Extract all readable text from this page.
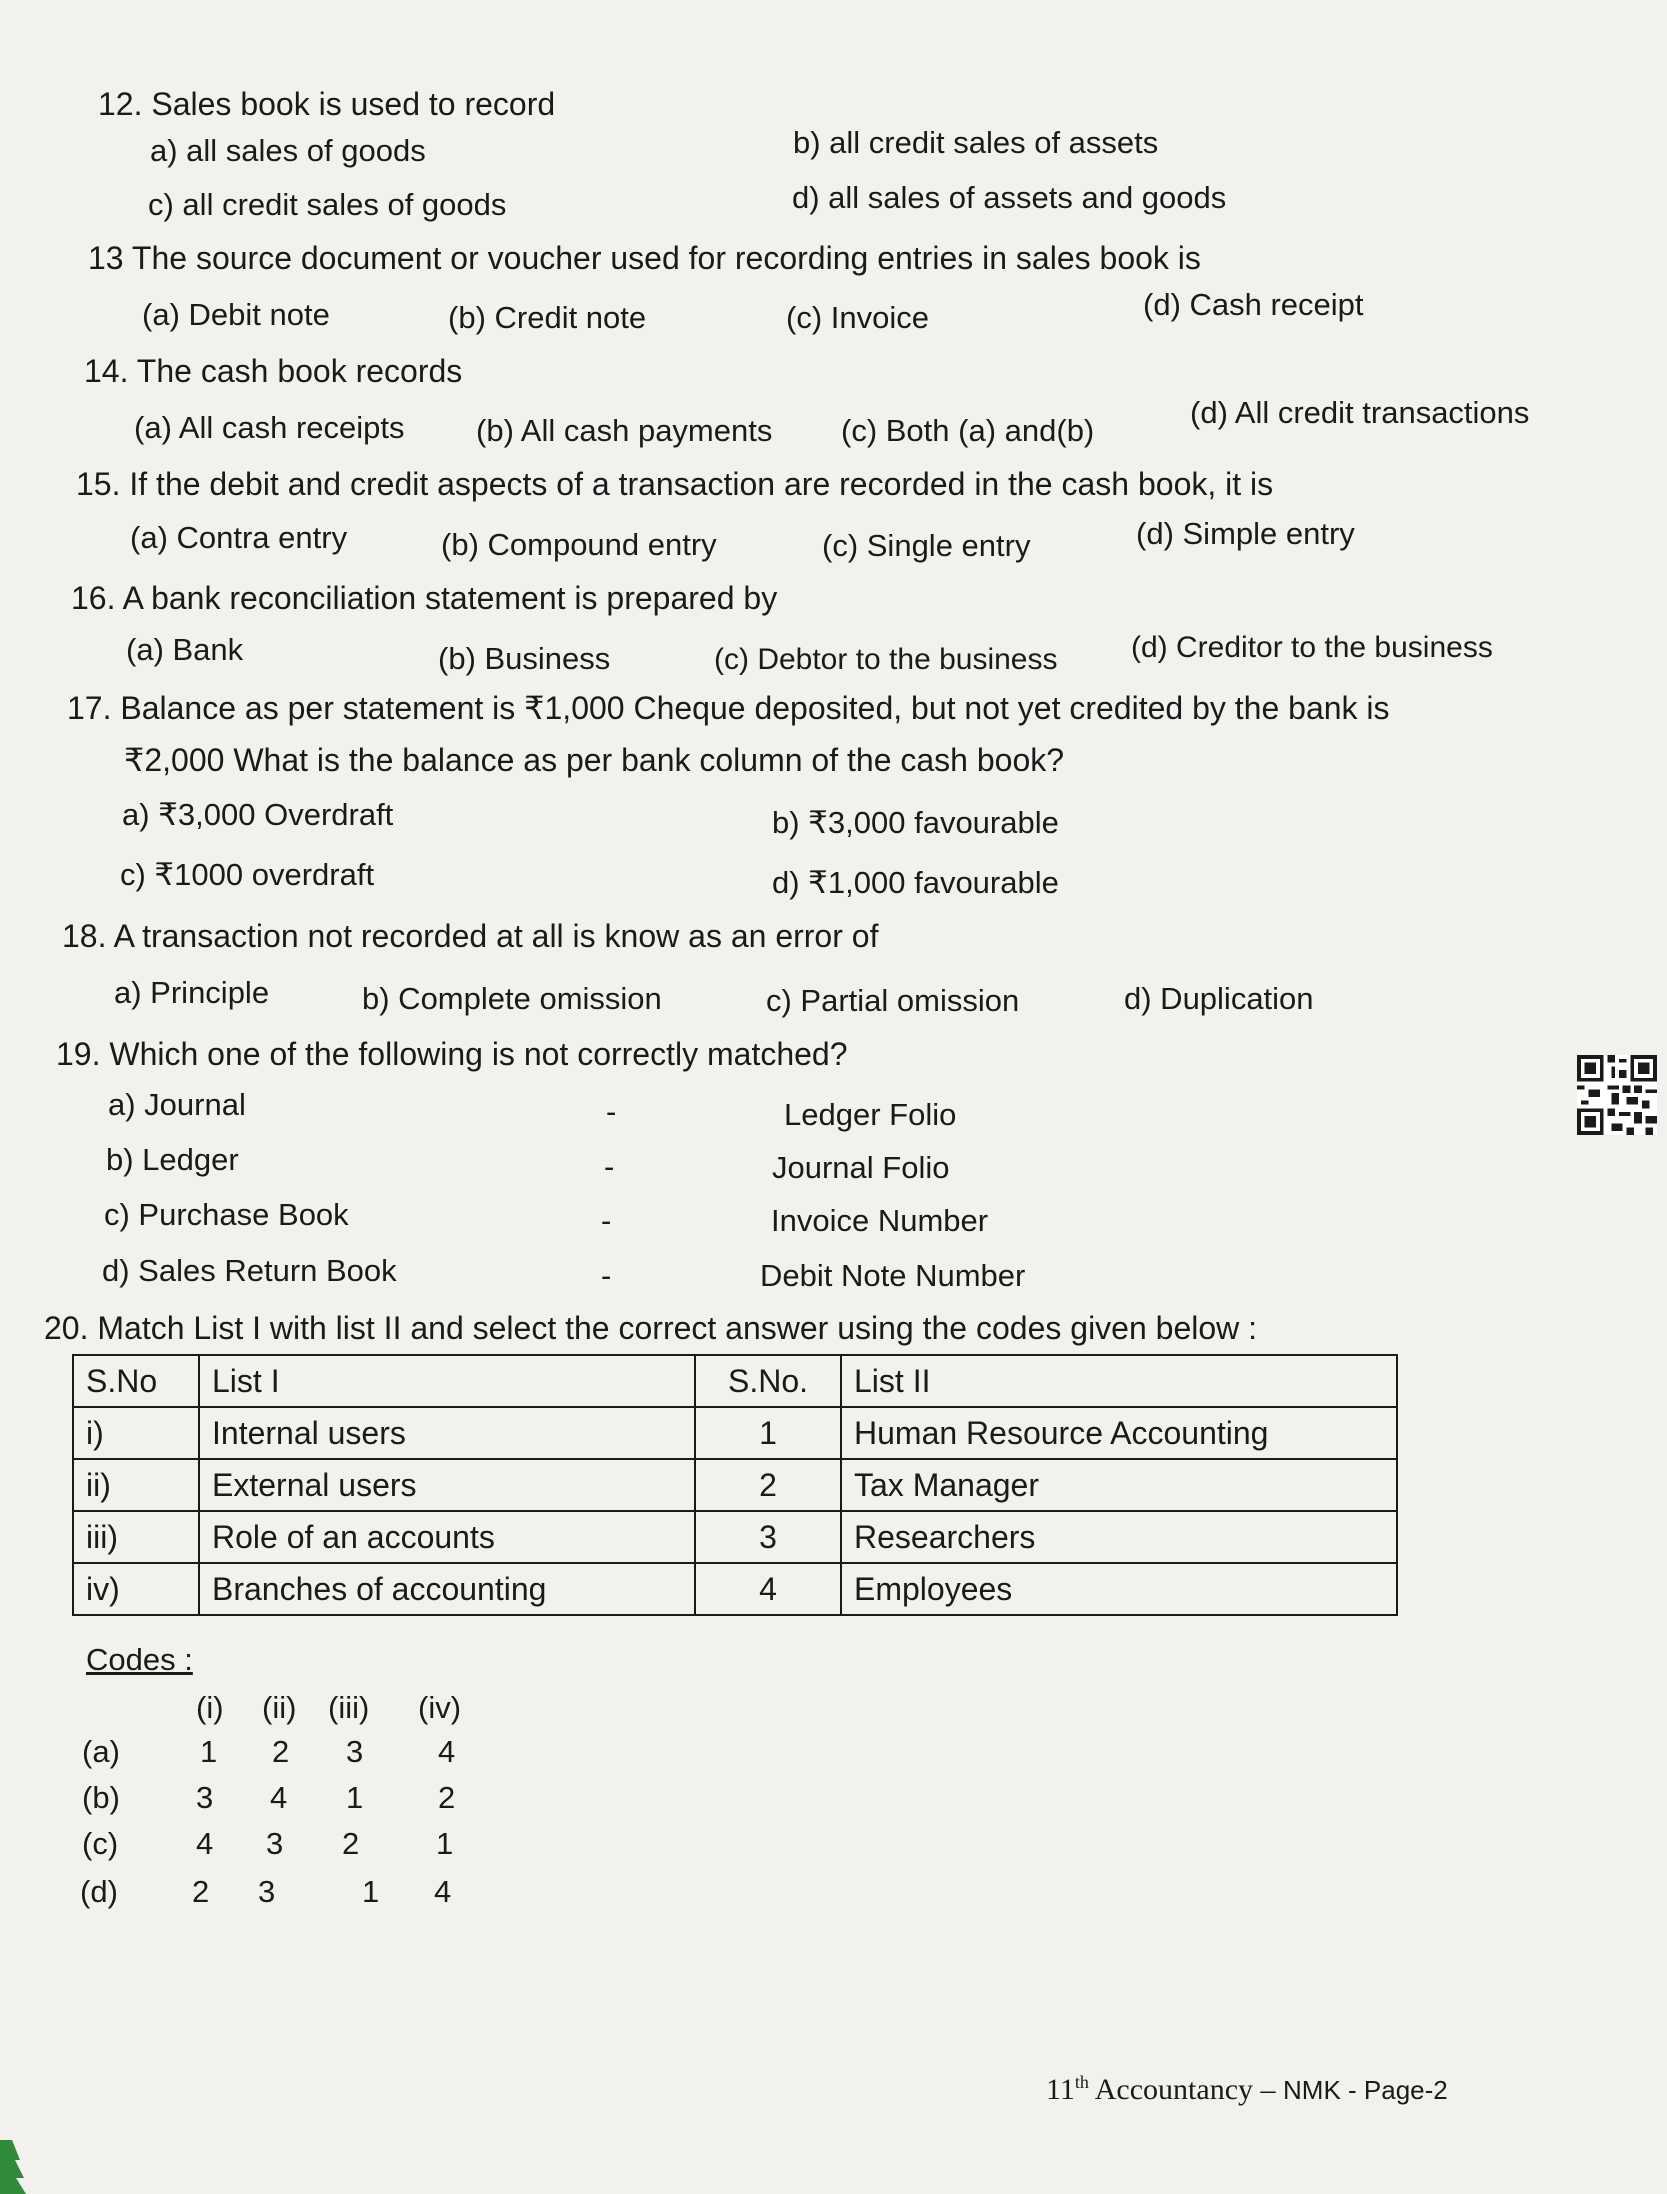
12. Sales book is used to record
a) all sales of goods	b) all credit sales of assets
c) all credit sales of goods	d) all sales of assets and goods
13 The source document or voucher used for recording entries in sales book is
(a) Debit note	(b) Credit note	(c) Invoice	(d) Cash receipt
14. The cash book records
(a) All cash receipts (b) All cash payments (c) Both (a) and(b)
(d) All credit transactions
15. If the debit and credit aspects of a transaction are recorded in the cash book, it is
(a) Contra entry	(b) Compound entry	(c) Single entry	(d) Simple entry
16. A bank reconciliation statement is prepared by
(a) Bank	(b) Business	(c) Debtor to the business (d) Creditor to the business
17. Balance as per statement is ₹1,000 Cheque deposited, but not yet credited by the bank is
₹2,000 What is the balance as per bank column of the cash book?
a) ₹3,000 Overdraft	b) ₹3,000 favourable
c) ₹1000 overdraft	d) ₹1,000 favourable
18. A transaction not recorded at all is know as an error of
a) Principle	b) Complete omission	c) Partial omission	d) Duplication
19. Which one of the following is not correctly matched?
a) Journal	-	Ledger Folio
b) Ledger	-	Journal Folio
c) Purchase Book	-	Invoice Number
d) Sales Return Book	-	Debit Note Number
20. Match List I with list II and select the correct answer using the codes given below :
S.No	List I	S.No.	List II
i)	Internal users	1	Human Resource Accounting
ii)	External users	2	Tax Manager
iii)	Role of an accounts	3	Researchers
iv)	Branches of accounting	4	Employees
Codes :
(i) (ii) (iii) (iv)
(a)	1 2 3 4
(b) 3 4 1 2
(c)	4 3 2 1
(d) 2 3	1 4
11th Accountancy – NMK - Page-2
